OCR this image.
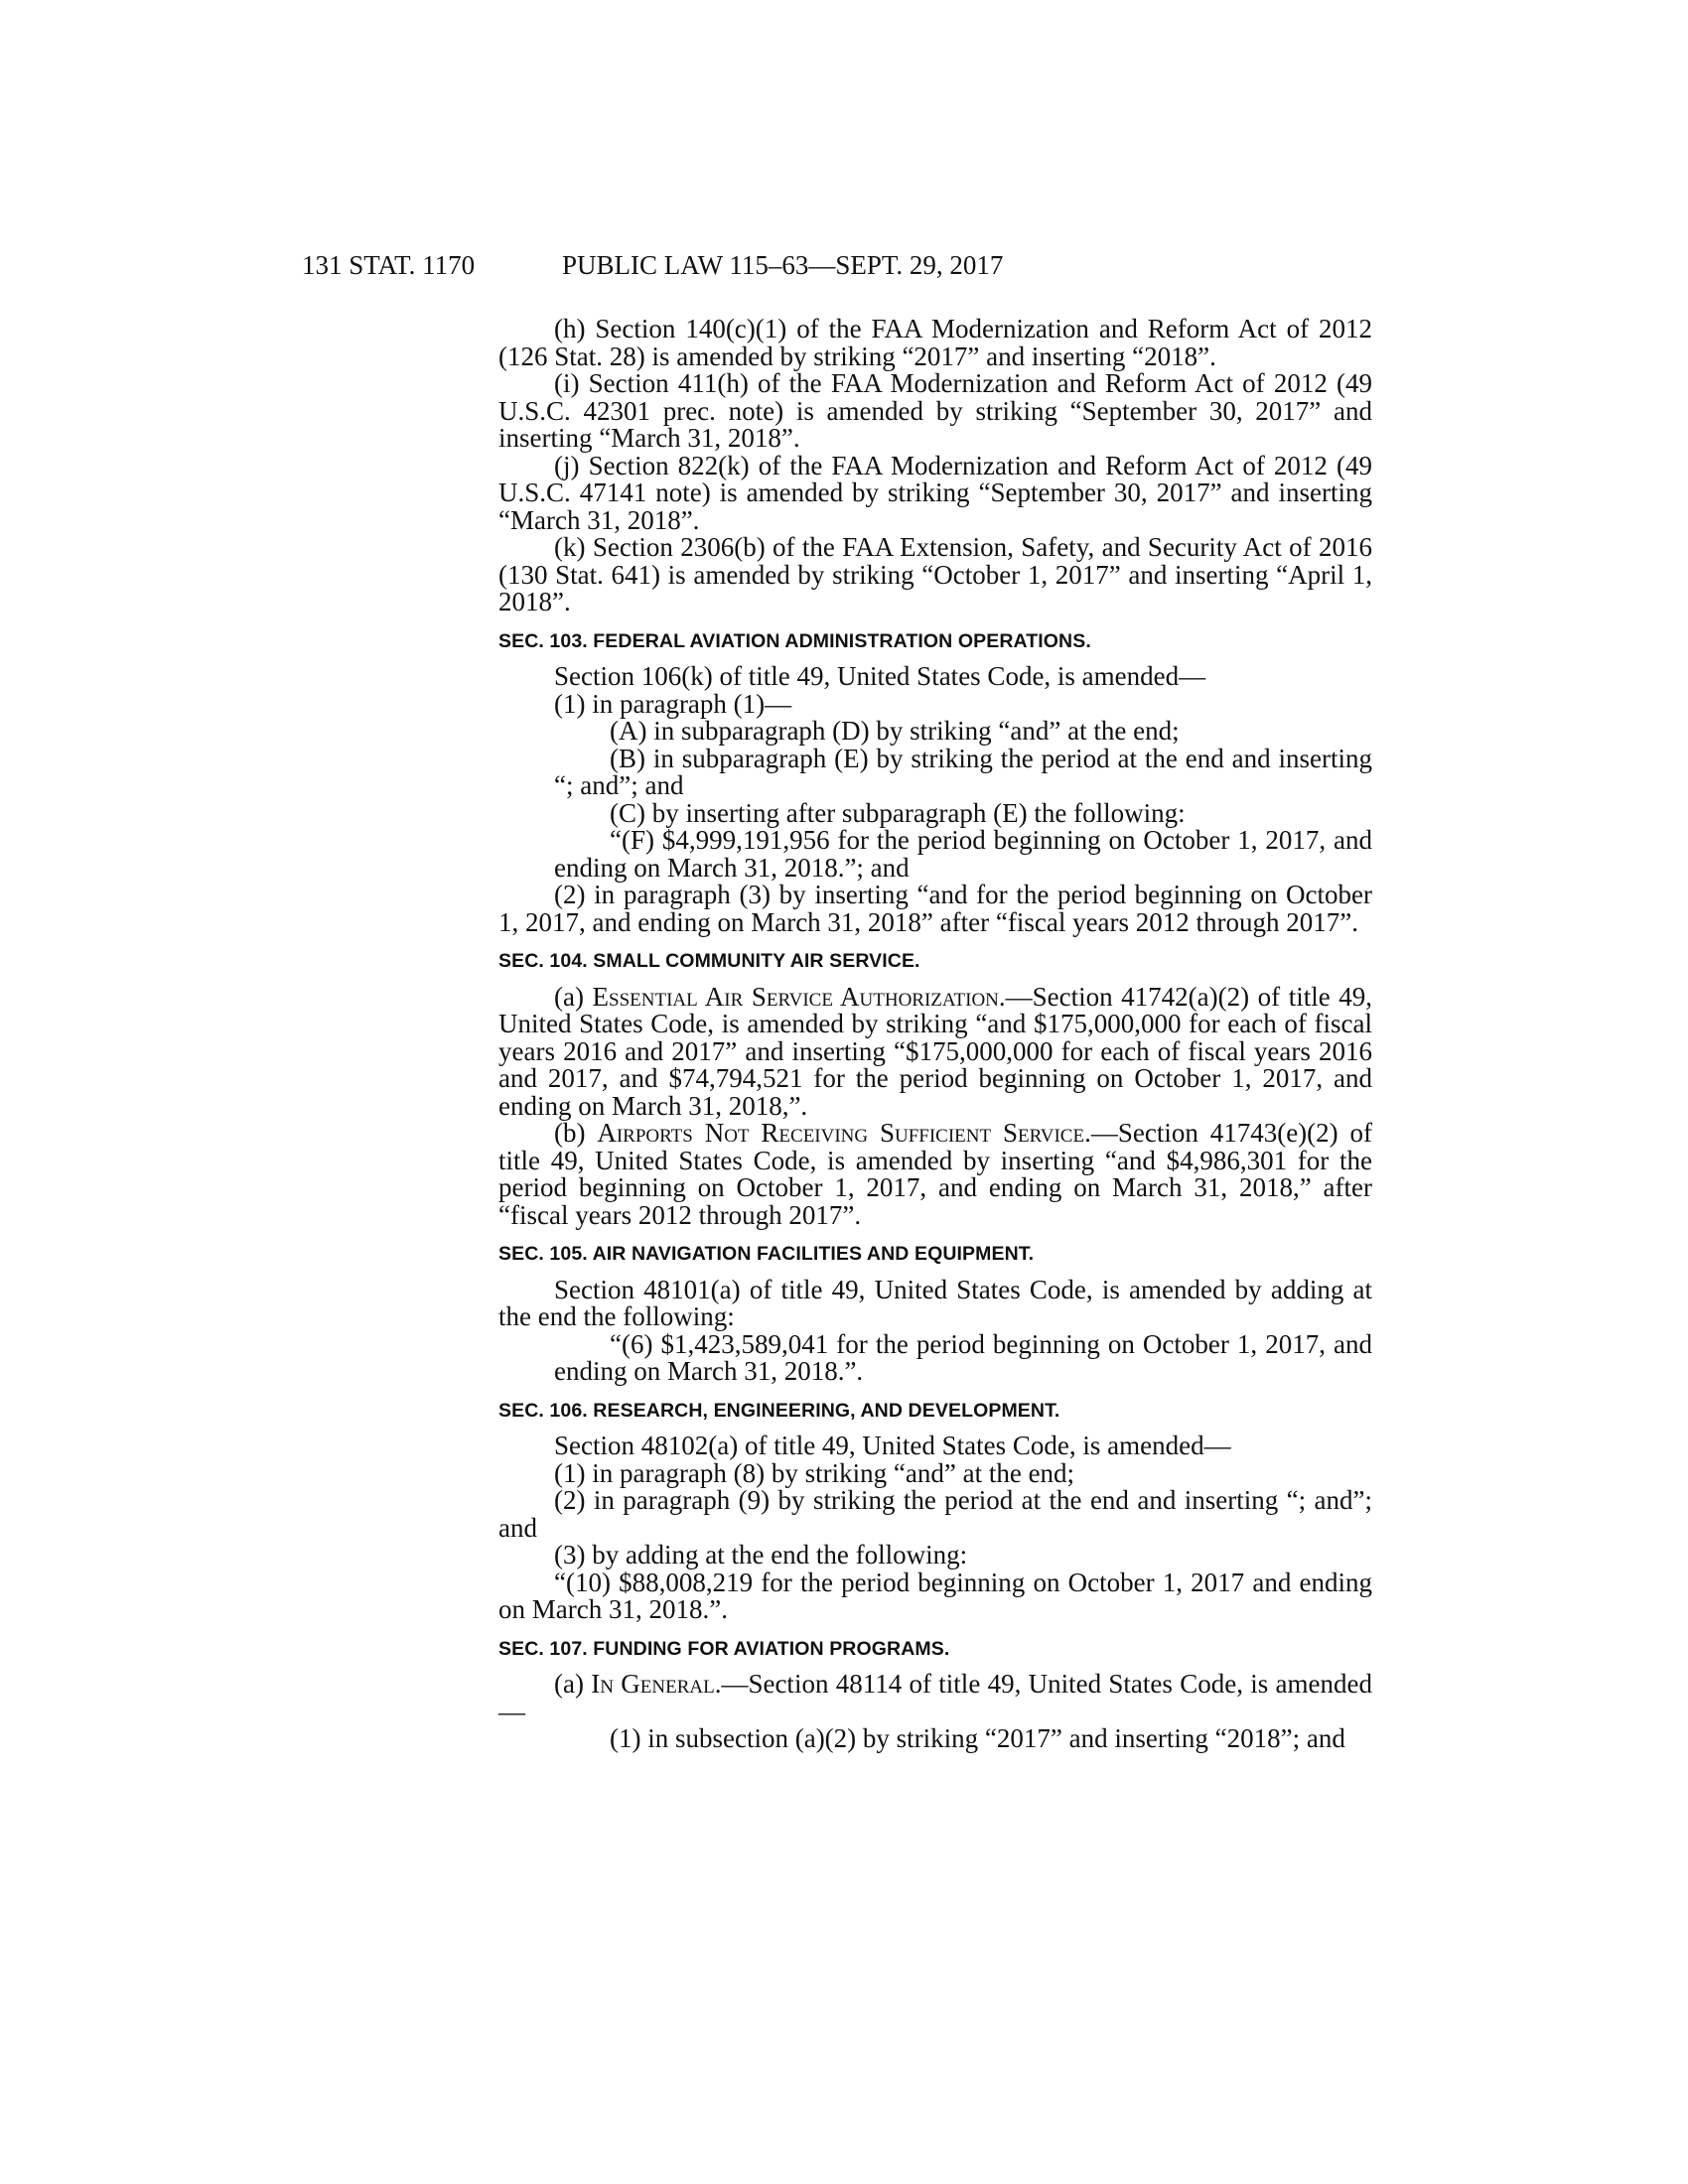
131 STAT. 1170	PUBLIC LAW 115–63—SEPT. 29, 2017

(h) Section 140(c)(1) of the FAA Modernization and Reform Act of 2012 (126 Stat. 28) is amended by striking “2017” and inserting “2018”.

(i) Section 411(h) of the FAA Modernization and Reform Act of 2012 (49 U.S.C. 42301 prec. note) is amended by striking “September 30, 2017” and inserting “March 31, 2018”.

(j) Section 822(k) of the FAA Modernization and Reform Act of 2012 (49 U.S.C. 47141 note) is amended by striking “September 30, 2017” and inserting “March 31, 2018”.

(k) Section 2306(b) of the FAA Extension, Safety, and Security Act of 2016 (130 Stat. 641) is amended by striking “October 1, 2017” and inserting “April 1, 2018”.

SEC. 103. FEDERAL AVIATION ADMINISTRATION OPERATIONS.

Section 106(k) of title 49, United States Code, is amended—

(1) in paragraph (1)—

(A) in subparagraph (D) by striking “and” at the end;

(B) in subparagraph (E) by striking the period at the end and inserting “; and”; and

(C) by inserting after subparagraph (E) the following:

“(F) $4,999,191,956 for the period beginning on October 1, 2017, and ending on March 31, 2018.”; and

(2) in paragraph (3) by inserting “and for the period beginning on October 1, 2017, and ending on March 31, 2018” after “fiscal years 2012 through 2017”.

SEC. 104. SMALL COMMUNITY AIR SERVICE.

(a) Essential Air Service Authorization.—Section 41742(a)(2) of title 49, United States Code, is amended by striking “and $175,000,000 for each of fiscal years 2016 and 2017” and inserting “$175,000,000 for each of fiscal years 2016 and 2017, and $74,794,521 for the period beginning on October 1, 2017, and ending on March 31, 2018,”.

(b) Airports Not Receiving Sufficient Service.—Section 41743(e)(2) of title 49, United States Code, is amended by inserting “and $4,986,301 for the period beginning on October 1, 2017, and ending on March 31, 2018,” after “fiscal years 2012 through 2017”.

SEC. 105. AIR NAVIGATION FACILITIES AND EQUIPMENT.

Section 48101(a) of title 49, United States Code, is amended by adding at the end the following:

“(6) $1,423,589,041 for the period beginning on October 1, 2017, and ending on March 31, 2018.”.

SEC. 106. RESEARCH, ENGINEERING, AND DEVELOPMENT.

Section 48102(a) of title 49, United States Code, is amended—

(1) in paragraph (8) by striking “and” at the end;

(2) in paragraph (9) by striking the period at the end and inserting “; and”; and

(3) by adding at the end the following:

“(10) $88,008,219 for the period beginning on October 1, 2017 and ending on March 31, 2018.”.

SEC. 107. FUNDING FOR AVIATION PROGRAMS.

(a) In General.—Section 48114 of title 49, United States Code, is amended—

(1) in subsection (a)(2) by striking “2017” and inserting “2018”; and
